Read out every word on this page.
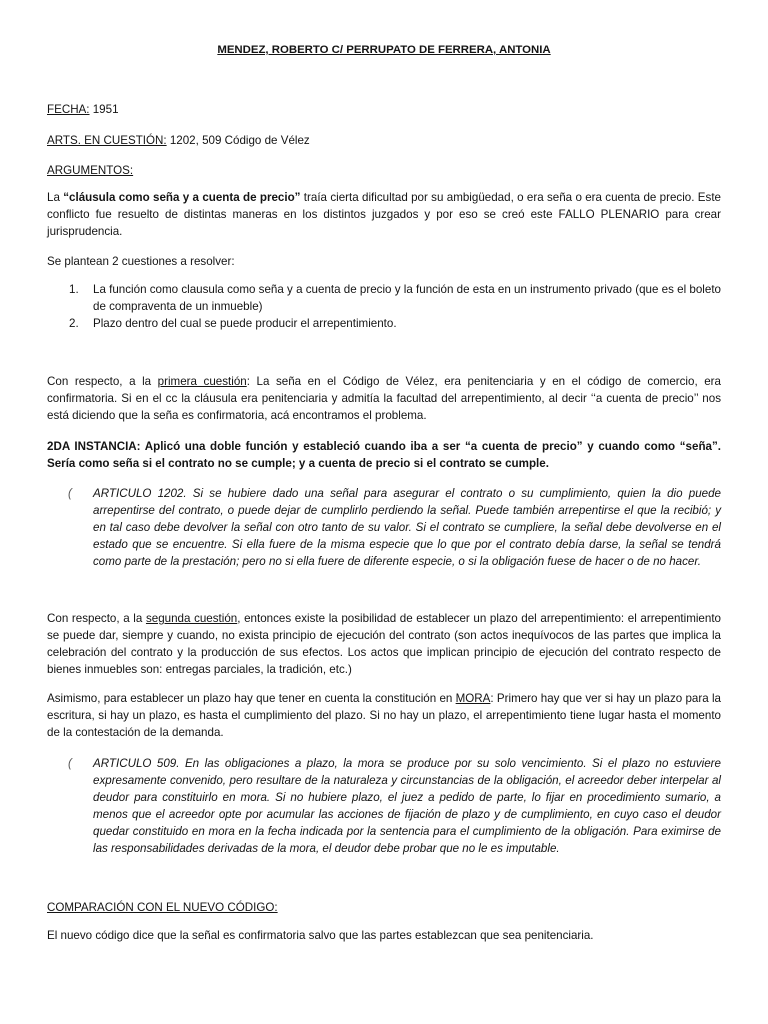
MENDEZ, ROBERTO C/ PERRUPATO DE FERRERA, ANTONIA
FECHA: 1951
ARTS. EN CUESTIÓN: 1202, 509 Código de Vélez
ARGUMENTOS:
La “cláusula como seña y a cuenta de precio” traía cierta dificultad por su ambigüedad, o era seña o era cuenta de precio. Este conflicto fue resuelto de distintas maneras en los distintos juzgados y por eso se creó este FALLO PLENARIO para crear jurisprudencia.
Se plantean 2 cuestiones a resolver:
1.	La función como clausula como seña y a cuenta de precio y la función de esta en un instrumento privado (que es el boleto de compraventa de un inmueble)
2.	Plazo dentro del cual se puede producir el arrepentimiento.
Con respecto, a la primera cuestión: La seña en el Código de Vélez, era penitenciaria y en el código de comercio, era confirmatoria. Si en el cc la cláusula era penitenciaria y admitía la facultad del arrepentimiento, al decir ‘‘a cuenta de precio’’ nos está diciendo que la seña es confirmatoria, acá encontramos el problema.
2DA INSTANCIA: Aplicó una doble función y estableció cuando iba a ser “a cuenta de precio” y cuando como “seña”. Sería como seña si el contrato no se cumple; y a cuenta de precio si el contrato se cumple.
(	ARTICULO 1202. Si se hubiere dado una señal para asegurar el contrato o su cumplimiento, quien la dio puede arrepentirse del contrato, o puede dejar de cumplirlo perdiendo la señal. Puede también arrepentirse el que la recibió; y en tal caso debe devolver la señal con otro tanto de su valor. Si el contrato se cumpliere, la señal debe devolverse en el estado que se encuentre. Si ella fuere de la misma especie que lo que por el contrato debía darse, la señal se tendrá como parte de la prestación; pero no si ella fuere de diferente especie, o si la obligación fuese de hacer o de no hacer.
Con respecto, a la segunda cuestión, entonces existe la posibilidad de establecer un plazo del arrepentimiento: el arrepentimiento se puede dar, siempre y cuando, no exista principio de ejecución del contrato (son actos inequívocos de las partes que implica la celebración del contrato y la producción de sus efectos. Los actos que implican principio de ejecución del contrato respecto de bienes inmuebles son: entregas parciales, la tradición, etc.)
Asimismo, para establecer un plazo hay que tener en cuenta la constitución en MORA: Primero hay que ver si hay un plazo para la escritura, si hay un plazo, es hasta el cumplimiento del plazo. Si no hay un plazo, el arrepentimiento tiene lugar hasta el momento de la contestación de la demanda.
(	ARTICULO 509. En las obligaciones a plazo, la mora se produce por su solo vencimiento. Si el plazo no estuviere expresamente convenido, pero resultare de la naturaleza y circunstancias de la obligación, el acreedor deber interpelar al deudor para constituirlo en mora. Si no hubiere plazo, el juez a pedido de parte, lo fijar en procedimiento sumario, a menos que el acreedor opte por acumular las acciones de fijación de plazo y de cumplimiento, en cuyo caso el deudor quedar constituido en mora en la fecha indicada por la sentencia para el cumplimiento de la obligación. Para eximirse de las responsabilidades derivadas de la mora, el deudor debe probar que no le es imputable.
COMPARACIÓN CON EL NUEVO CÓDIGO:
El nuevo código dice que la señal es confirmatoria salvo que las partes establezcan que sea penitenciaria.
